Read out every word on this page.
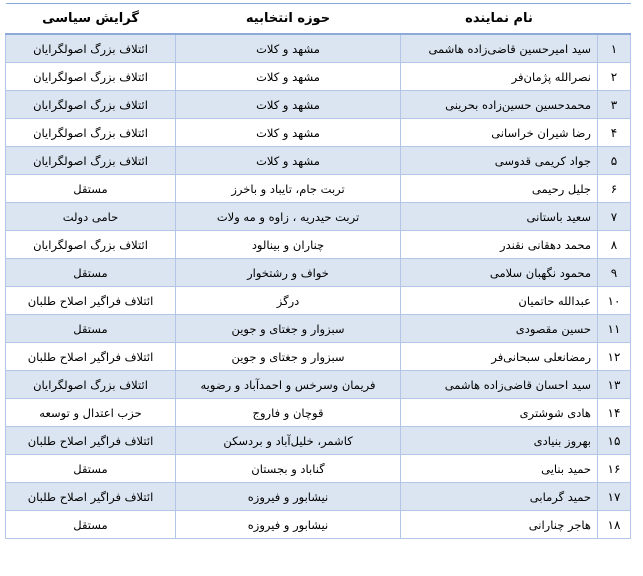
	نام نماینده	حوزه انتخابیه	گرایش سیاسی
۱	سید امیرحسین قاضی‌زاده هاشمی	مشهد و کلات	ائتلاف بزرگ اصولگرایان
۲	نصرالله پژمان‌فر	مشهد و کلات	ائتلاف بزرگ اصولگرایان
۳	محمدحسین حسین‌زاده بحرینی	مشهد و کلات	ائتلاف بزرگ اصولگرایان
۴	رضا شیران خراسانی	مشهد و کلات	ائتلاف بزرگ اصولگرایان
۵	جواد کریمی قدوسی	مشهد و کلات	ائتلاف بزرگ اصولگرایان
۶	جلیل رحیمی	تربت جام، تایباد و باخرز	مستقل
۷	سعید باستانی	تربت حیدریه ، زاوه و مه ولات	حامی دولت
۸	محمد دهقانی نقندر	چناران و بینالود	ائتلاف بزرگ اصولگرایان
۹	محمود نگهبان سلامی	خواف و رشتخوار	مستقل
۱۰	عبدالله حاتمیان	درگز	ائتلاف فراگیر اصلاح طلبان
۱۱	حسین مقصودی	سبزوار و جغتای و جوین	مستقل
۱۲	رمضانعلی سبحانی‌فر	سبزوار و جغتای و جوین	ائتلاف فراگیر اصلاح طلبان
۱۳	سید احسان قاضی‌زاده هاشمی	فریمان وسرخس و احمدآباد و رضویه	ائتلاف بزرگ اصولگرایان
۱۴	هادی شوشتری	قوچان و فاروج	حزب اعتدال و توسعه
۱۵	بهروز بنیادی	کاشمر، خلیل‌آباد و بردسکن	ائتلاف فراگیر اصلاح طلبان
۱۶	حمید بنایی	گناباد و بجستان	مستقل
۱۷	حمید گرمابی	نیشابور و فیروزه	ائتلاف فراگیر اصلاح طلبان
۱۸	هاجر چنارانی	نیشابور و فیروزه	مستقل
